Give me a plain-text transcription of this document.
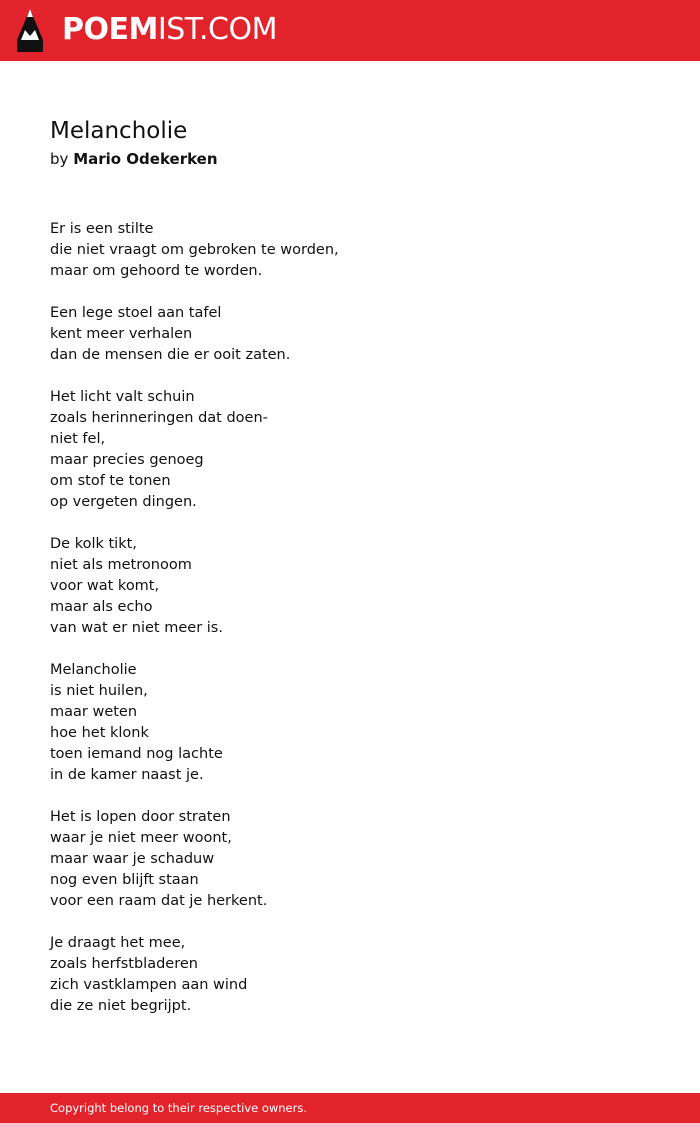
POEMIST.COM
Melancholie
by Mario Odekerken
Er is een stilte
die niet vraagt om gebroken te worden,
maar om gehoord te worden.
Een lege stoel aan tafel
kent meer verhalen
dan de mensen die er ooit zaten.
Het licht valt schuin
zoals herinneringen dat doen-
niet fel,
maar precies genoeg
om stof te tonen
op vergeten dingen.
De kolk tikt,
niet als metronoom
voor wat komt,
maar als echo
van wat er niet meer is.
Melancholie
is niet huilen,
maar weten
hoe het klonk
toen iemand nog lachte
in de kamer naast je.
Het is lopen door straten
waar je niet meer woont,
maar waar je schaduw
nog even blijft staan
voor een raam dat je herkent.
Je draagt het mee,
zoals herfstbladeren
zich vastklampen aan wind
die ze niet begrijpt.
Copyright belong to their respective owners.
